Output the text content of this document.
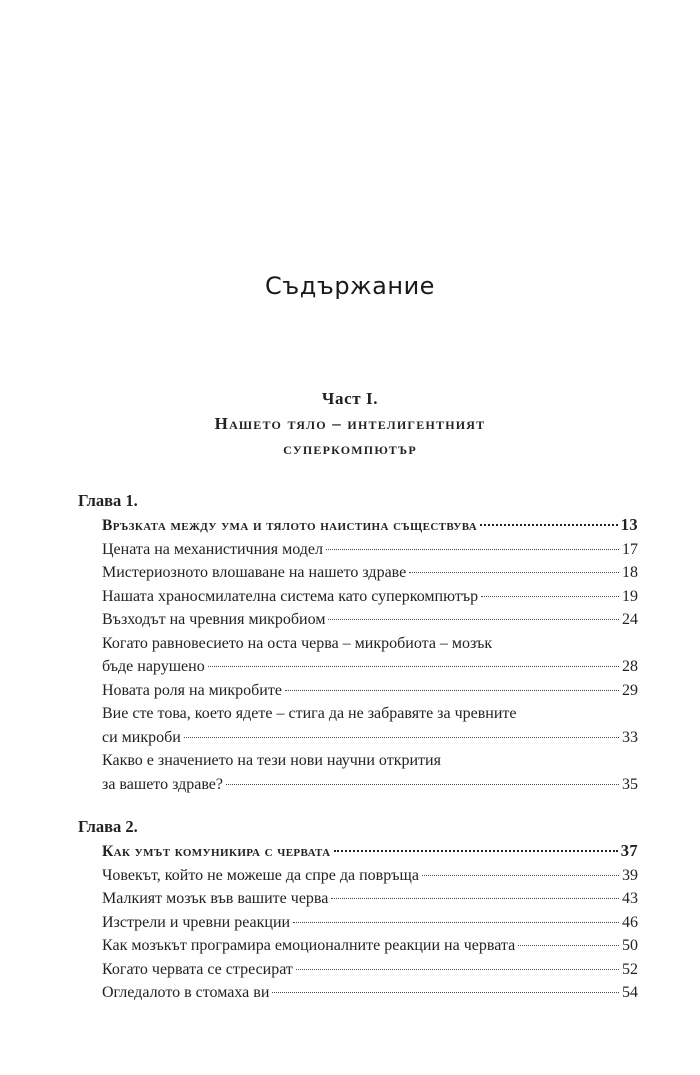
Съдържание
Част I.
Нашето тяло – интелигентният
суперкомпютър
Глава 1.
Връзката между ума и тялото наистина съществува	13
Цената на механистичния модел	17
Мистериозното влошаване на нашето здраве	18
Нашата храносмилателна система като суперкомпютър	19
Възходът на чревния микробиом	24
Когато равновесието на оста черва – микробиота – мозък
бъде нарушено	28
Новата роля на микробите	29
Вие сте това, което ядете – стига да не забравяте за чревните
си микроби	33
Какво е значението на тези нови научни открития
за вашето здраве?	35
Глава 2.
Как умът комуникира с червата	37
Човекът, който не можеше да спре да повръща	39
Малкият мозък във вашите черва	43
Изстрели и чревни реакции	46
Как мозъкът програмира емоционалните реакции на червата	50
Когато червата се стресират	52
Огледалото в стомаха ви	54
